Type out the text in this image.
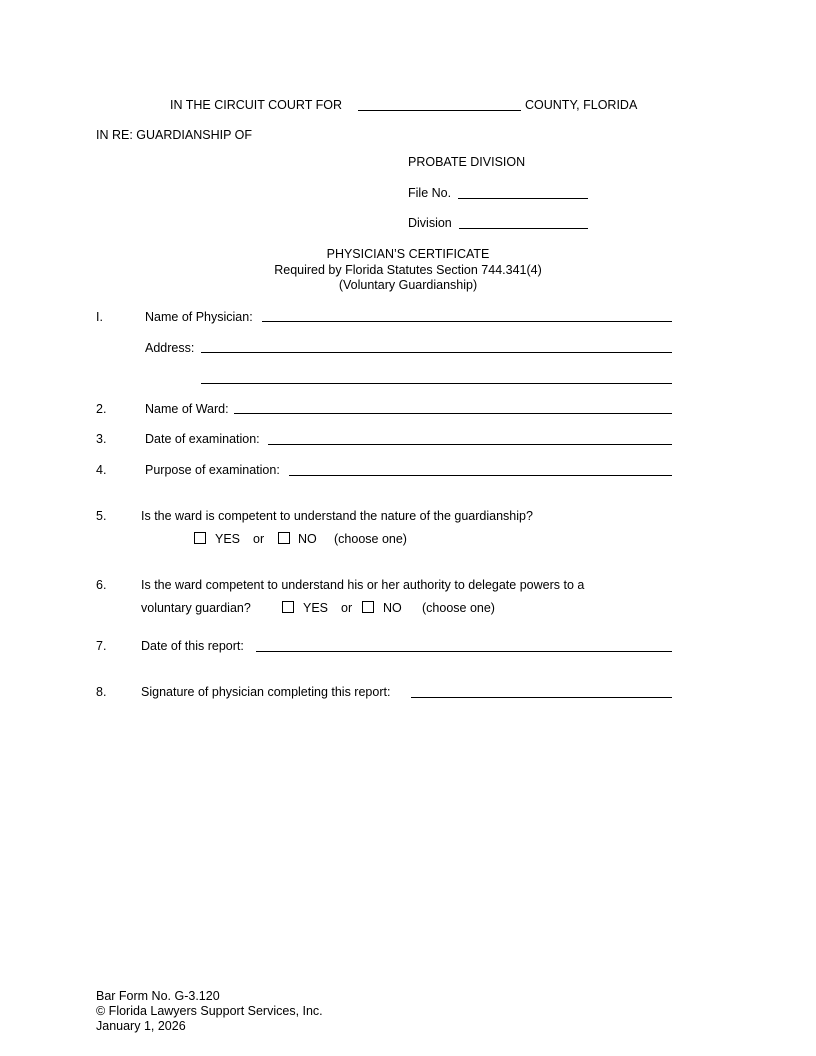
IN THE CIRCUIT COURT FOR	COUNTY, FLORIDA
IN RE: GUARDIANSHIP OF
PROBATE DIVISION
File No.
Division
PHYSICIAN’S CERTIFICATE
Required by Florida Statutes Section 744.341(4)
(Voluntary Guardianship)
I.	Name of Physician:
Address:
2.	Name of Ward:
3.	Date of examination:
4.	Purpose of examination:
5.	Is the ward is competent to understand the nature of the guardianship?
YES or	NO (choose one)
6.	Is the ward competent to understand his or her authority to delegate powers to a
voluntary guardian?	YES or NO (choose one)
7.	Date of this report:
8.	Signature of physician completing this report:
Bar Form No. G-3.120
© Florida Lawyers Support Services, Inc.
January 1, 2026
